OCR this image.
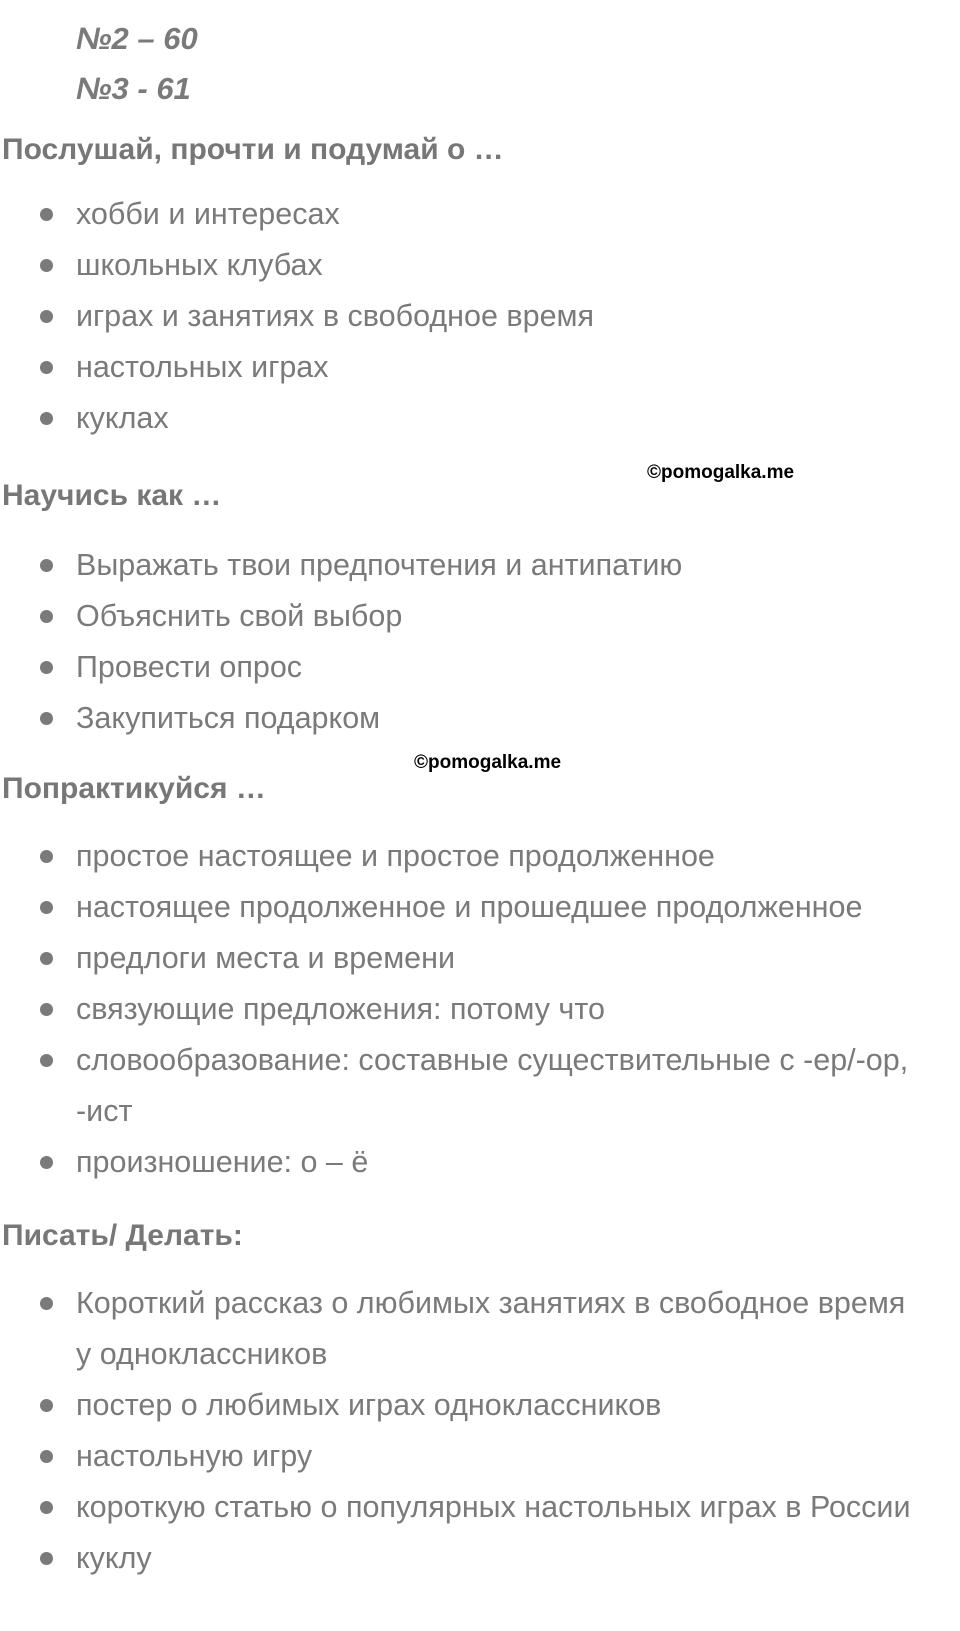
№2 – 60
№3 - 61
Послушай, прочти и подумай о …
хобби и интересах
школьных клубах
играх и занятиях в свободное время
настольных играх
куклах
©pomogalka.me
Научись как …
Выражать твои предпочтения и антипатию
Объяснить свой выбор
Провести опрос
Закупиться подарком
©pomogalka.me
Попрактикуйся …
простое настоящее и простое продолженное
настоящее продолженное и прошедшее продолженное
предлоги места и времени
связующие предложения: потому что
словообразование: составные существительные с -ер/-ор, -ист
произношение: о – ё
Писать/ Делать:
Короткий рассказ о любимых занятиях в свободное время у одноклассников
постер о любимых играх одноклассников
настольную игру
короткую статью о популярных настольных играх в России
куклу
